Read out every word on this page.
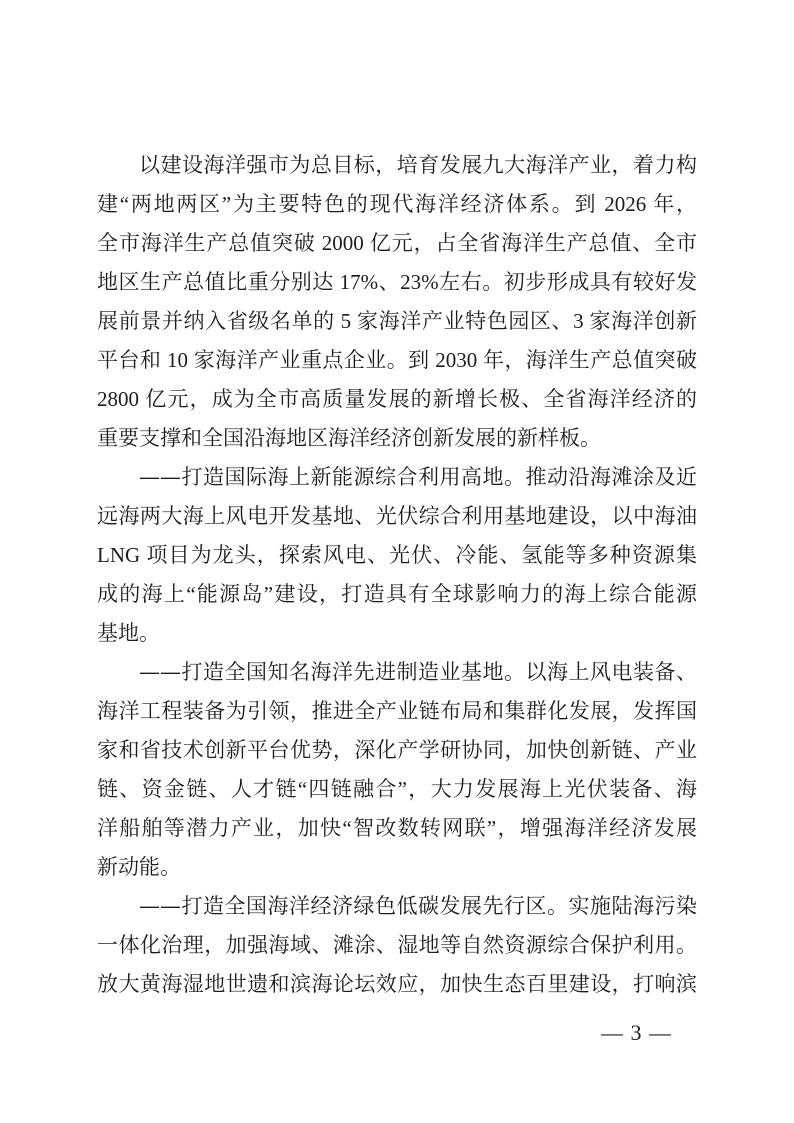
以建设海洋强市为总目标，培育发展九大海洋产业，着力构
建“两地两区”为主要特色的现代海洋经济体系。到 2026 年，
全市海洋生产总值突破 2000 亿元，占全省海洋生产总值、全市
地区生产总值比重分别达 17%、23%左右。初步形成具有较好发
展前景并纳入省级名单的 5 家海洋产业特色园区、3 家海洋创新
平台和 10 家海洋产业重点企业。到 2030 年，海洋生产总值突破
2800 亿元，成为全市高质量发展的新增长极、全省海洋经济的
重要支撑和全国沿海地区海洋经济创新发展的新样板。
——打造国际海上新能源综合利用高地。推动沿海滩涂及近
远海两大海上风电开发基地、光伏综合利用基地建设，以中海油
LNG 项目为龙头，探索风电、光伏、冷能、氢能等多种资源集
成的海上“能源岛”建设，打造具有全球影响力的海上综合能源
基地。
——打造全国知名海洋先进制造业基地。以海上风电装备、
海洋工程装备为引领，推进全产业链布局和集群化发展，发挥国
家和省技术创新平台优势，深化产学研协同，加快创新链、产业
链、资金链、人才链“四链融合”，大力发展海上光伏装备、海
洋船舶等潜力产业，加快“智改数转网联”，增强海洋经济发展
新动能。
——打造全国海洋经济绿色低碳发展先行区。实施陆海污染
一体化治理，加强海域、滩涂、湿地等自然资源综合保护利用。
放大黄海湿地世遗和滨海论坛效应，加快生态百里建设，打响滨
— 3 —
